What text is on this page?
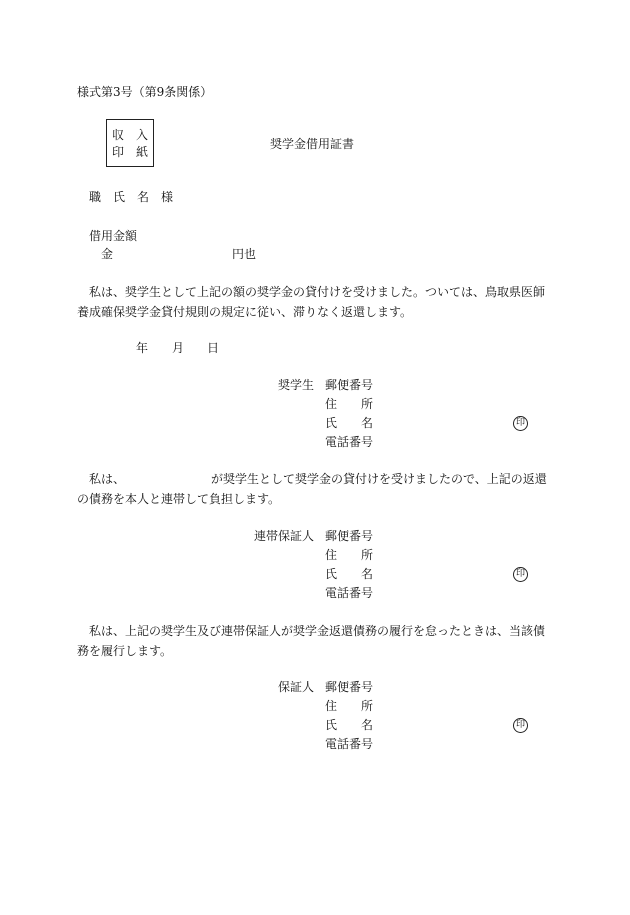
様式第3号（第9条関係）
収　入
印　紙
奨学金借用証書
職　氏　名　様
借用金額
金	円也
私は、奨学生として上記の額の奨学金の貸付けを受けました。ついては、鳥取県医師養成確保奨学金貸付規則の規定に従い、滞りなく返還します。
年 月 日
奨学生 郵便番号
住　　所
氏　　名	印
電話番号
私は、	が奨学生として奨学金の貸付けを受けましたので、上記の返還の債務を本人と連帯して負担します。
連帯保証人 郵便番号
住　　所
氏　　名	印
電話番号
私は、上記の奨学生及び連帯保証人が奨学金返還債務の履行を怠ったときは、当該債務を履行します。
保証人 郵便番号
住　　所
氏　　名	印
電話番号
